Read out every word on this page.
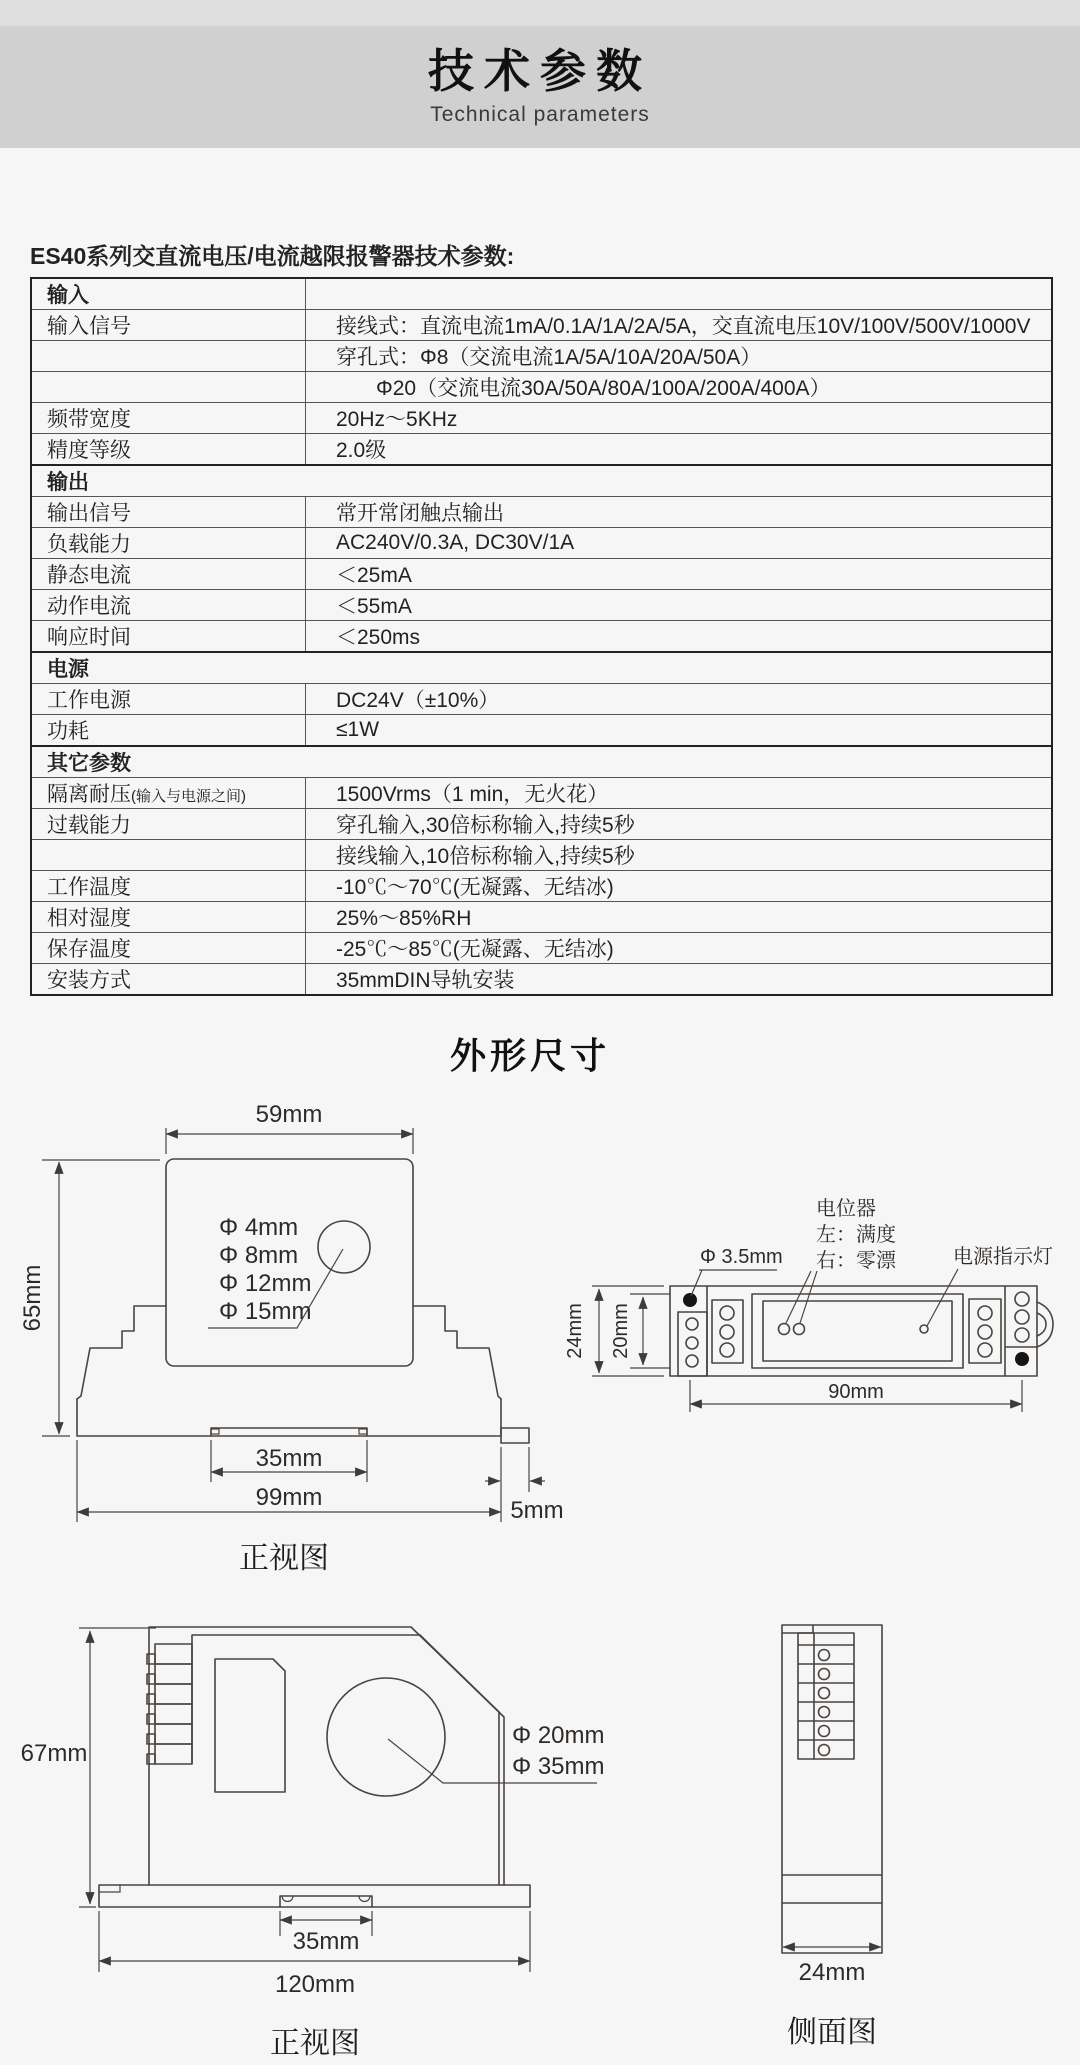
技术参数
Technical parameters
ES40系列交直流电压/电流越限报警器技术参数:
输入	
输入信号	接线式：直流电流1mA/0.1A/1A/2A/5A，交直流电压10V/100V/500V/1000V
	穿孔式：Φ8（交流电流1A/5A/10A/20A/50A）
	Φ20（交流电流30A/50A/80A/100A/200A/400A）
频带宽度	20Hz～5KHz
精度等级	2.0级
输出	
输出信号	常开常闭触点输出
负载能力	AC240V/0.3A, DC30V/1A
静态电流	＜25mA
动作电流	＜55mA
响应时间	＜250ms
电源	
工作电源	DC24V（±10%）
功耗	≤1W
其它参数	
隔离耐压(输入与电源之间)	1500Vrms（1 min，无火花）
过载能力	穿孔输入,30倍标称输入,持续5秒
	接线输入,10倍标称输入,持续5秒
工作温度	-10℃～70℃(无凝露、无结冰)
相对湿度	25%～85%RH
保存温度	-25℃～85℃(无凝露、无结冰)
安装方式	35mmDIN导轨安装
外形尺寸
Φ 4mm
Φ 8mm
Φ 12mm
Φ 15mm
59mm
65mm
35mm
99mm	5mm
正视图
电位器
左：满度
右：零漂
Φ 3.5mm	电源指示灯
24mm 20mm
90mm
Φ 20mm
Φ 35mm
67mm
35mm
120mm
正视图
24mm
侧面图
